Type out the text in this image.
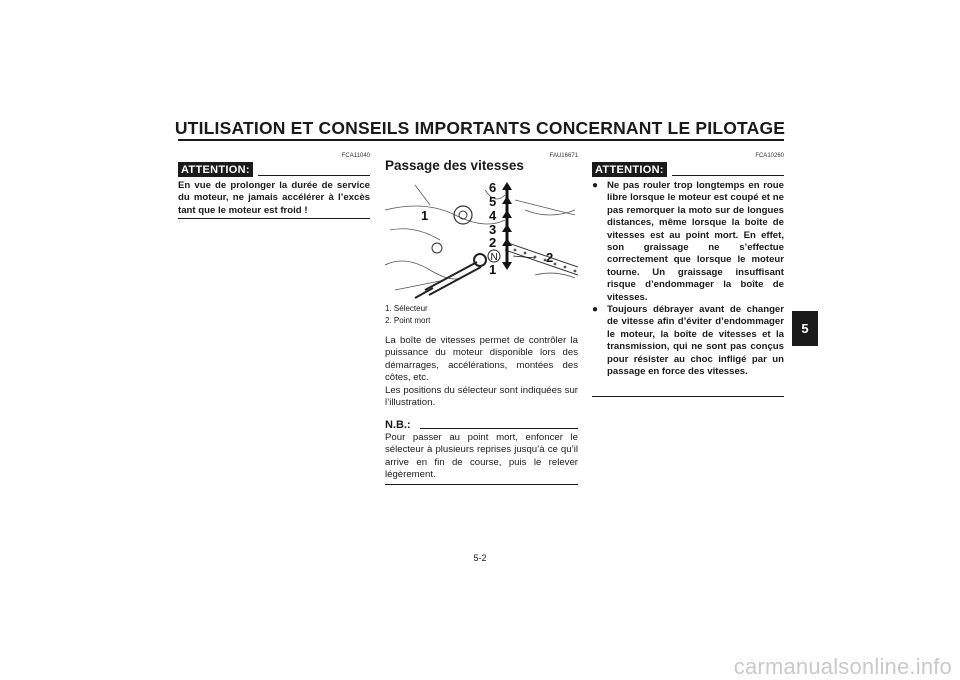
UTILISATION ET CONSEILS IMPORTANTS CONCERNANT LE PILOTAGE
FCA11040
ATTENTION:
En vue de prolonger la durée de service du moteur, ne jamais accélérer à l’excès tant que le moteur est froid !
FAU16671
Passage des vitesses
6
5
4
3
2
1
1
2
N
1. Sélecteur
2. Point mort
La boîte de vitesses permet de contrôler la puissance du moteur disponible lors des démarrages, accélérations, montées des côtes, etc.
Les positions du sélecteur sont indiquées sur l’illustration.
N.B.:
Pour passer au point mort, enfoncer le sélecteur à plusieurs reprises jusqu’à ce qu’il arrive en fin de course, puis le relever légèrement.
FCA10260
ATTENTION:
● Ne pas rouler trop longtemps en roue libre lorsque le moteur est coupé et ne pas remorquer la moto sur de longues distances, même lorsque la boîte de vitesses est au point mort. En effet, son graissage ne s’effectue correctement que lorsque le moteur tourne. Un graissage insuffisant risque d’endommager la boîte de vitesses.
● Toujours débrayer avant de changer de vitesse afin d’éviter d’endommager le moteur, la boîte de vitesses et la transmission, qui ne sont pas conçus pour résister au choc infligé par un passage en force des vitesses.
5
5-2
carmanualsonline.info
